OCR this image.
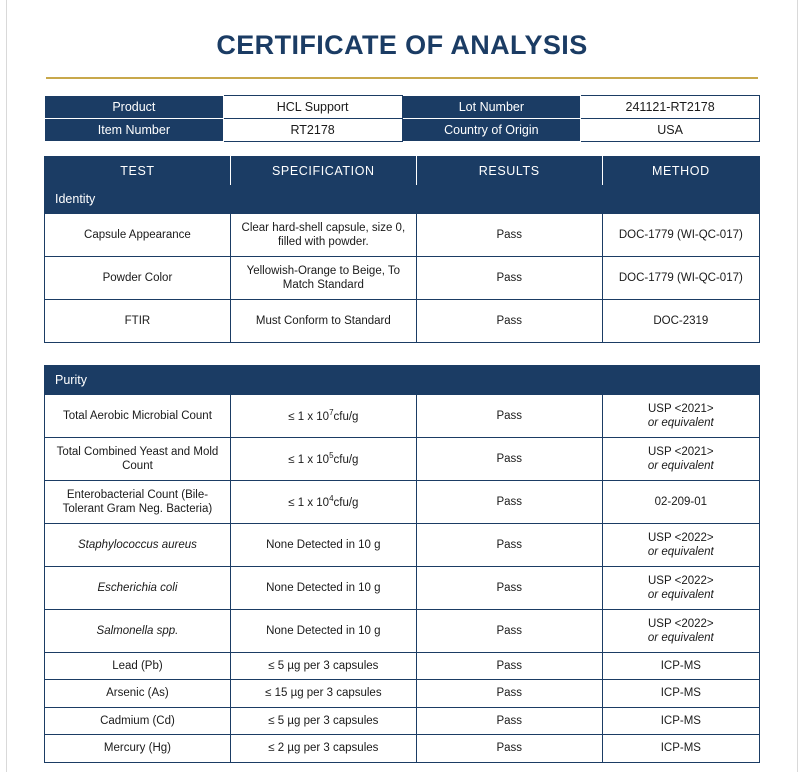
CERTIFICATE OF ANALYSIS
Product	HCL Support	Lot Number	241121-RT2178
Item Number	RT2178	Country of Origin	USA
TEST	SPECIFICATION	RESULTS	METHOD
Identity			
Capsule Appearance	Clear hard-shell capsule, size 0, filled with powder.	Pass	DOC-1779 (WI-QC-017)
Powder Color	Yellowish-Orange to Beige, To Match Standard	Pass	DOC-1779 (WI-QC-017)
FTIR	Must Conform to Standard	Pass	DOC-2319
Purity			
Total Aerobic Microbial Count	≤ 1 x $10^7cfu/g$	Pass	USP <2021>
or equivalent

Total Combined Yeast and Mold Count	≤ 1 x $10^5cfu/g$	Pass	USP <2021>
or equivalent

Enterobacterial Count (Bile-Tolerant Gram Neg. Bacteria)	≤ 1 x $10^4cfu/g$	Pass	02-209-01
Staphylococcus aureus	None Detected in 10 g	Pass	USP <2022>
or equivalent

Escherichia coli	None Detected in 10 g	Pass	USP <2022>
or equivalent

Salmonella spp.	None Detected in 10 g	Pass	USP <2022>
or equivalent

Lead (Pb)	≤ 5 µg per 3 capsules	Pass	ICP-MS
Arsenic (As)	≤ 15 µg per 3 capsules	Pass	ICP-MS
Cadmium (Cd)	≤ 5 µg per 3 capsules	Pass	ICP-MS
Mercury (Hg)	≤ 2 µg per 3 capsules	Pass	ICP-MS
